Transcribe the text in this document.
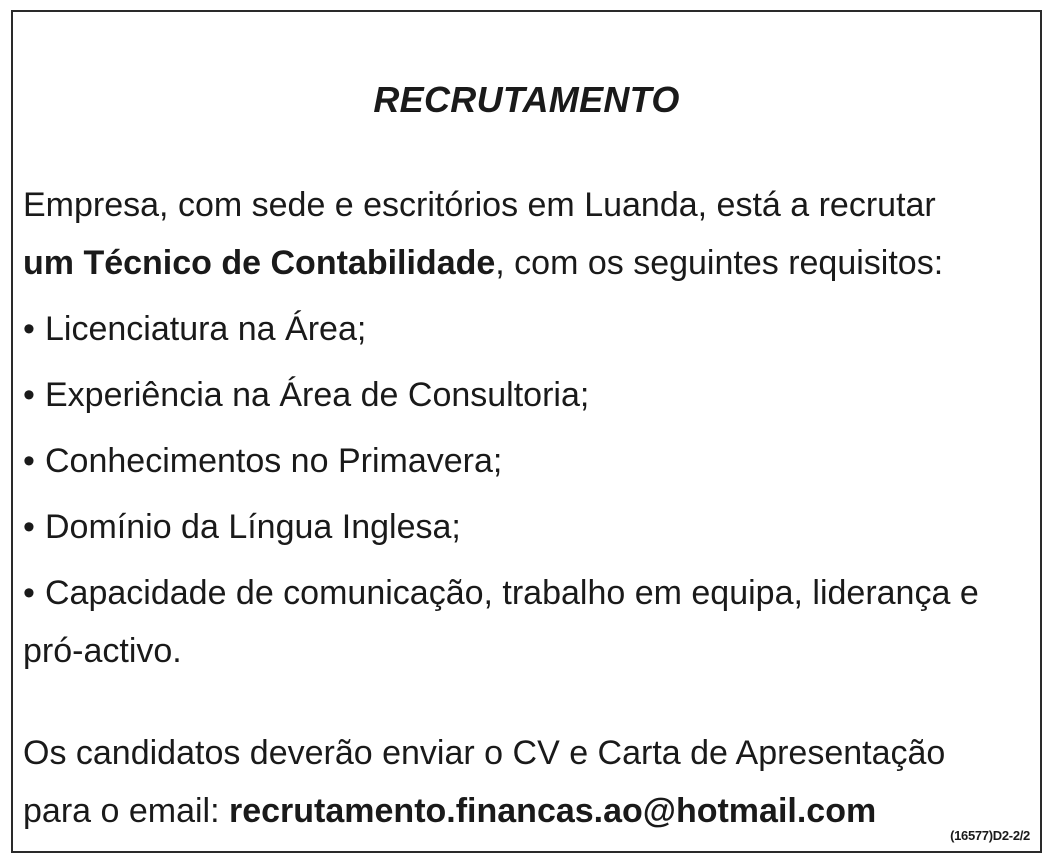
RECRUTAMENTO
Empresa, com sede e escritórios em Luanda, está a recrutar
um Técnico de Contabilidade, com os seguintes requisitos:
• Licenciatura na Área;
• Experiência na Área de Consultoria;
• Conhecimentos no Primavera;
• Domínio da Língua Inglesa;
• Capacidade de comunicação, trabalho em equipa, liderança e pró-activo.
Os candidatos deverão enviar o CV e Carta de Apresentação
para o email: recrutamento.financas.ao@hotmail.com
(16577)D2-2/2
